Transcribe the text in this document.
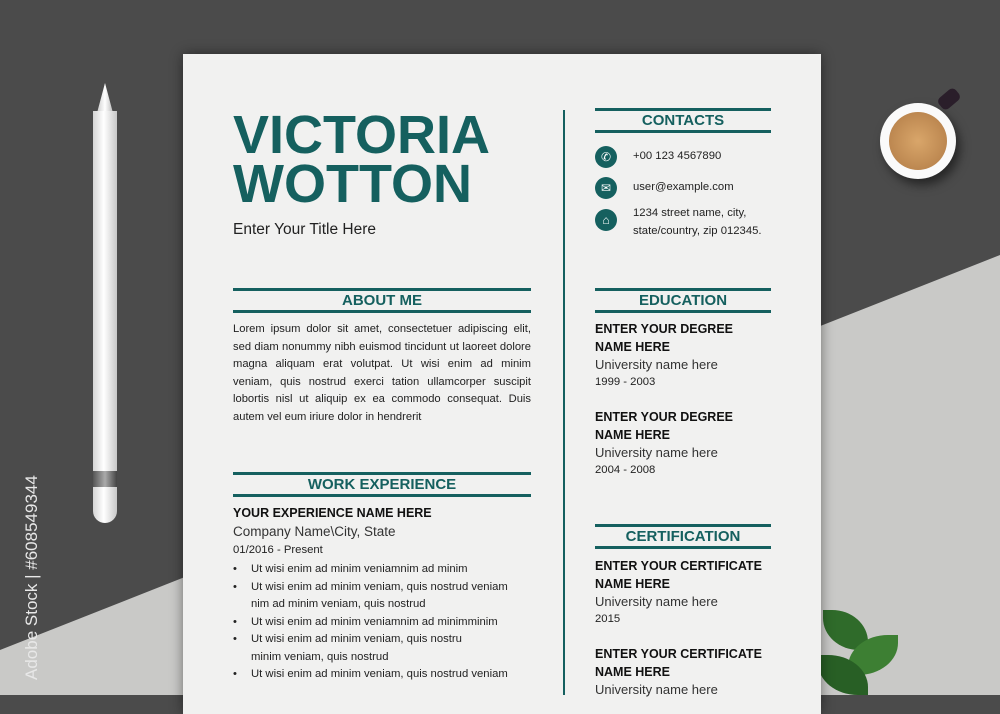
Adobe Stock | #608549344
VICTORIA
WOTTON
Enter Your Title Here
ABOUT ME
Lorem ipsum dolor sit amet, consectetuer adipiscing elit, sed diam nonummy nibh euismod tincidunt ut laoreet dolore magna aliquam erat volutpat. Ut wisi enim ad minim veniam, quis nostrud exerci tation ullamcorper suscipit lobortis nisl ut aliquip ex ea commodo consequat. Duis autem vel eum iriure dolor in hendrerit
WORK EXPERIENCE
YOUR EXPERIENCE NAME HERE
Company Name\City, State
01/2016 - Present
• Ut wisi enim ad minim veniamnim ad minim
• Ut wisi enim ad minim veniam, quis nostrud veniam
nim ad minim veniam, quis nostrud
• Ut wisi enim ad minim veniamnim ad minimminim
• Ut wisi enim ad minim veniam, quis nostru
minim veniam, quis nostrud
• Ut wisi enim ad minim veniam, quis nostrud veniam
CONTACTS
✆	+00 123 4567890
✉	user@example.com
⌂	1234 street name, city,
state/country, zip 012345.
EDUCATION
ENTER YOUR DEGREE
NAME HERE
University name here
1999 - 2003
ENTER YOUR DEGREE
NAME HERE
University name here
2004 - 2008
CERTIFICATION
ENTER YOUR CERTIFICATE
NAME HERE
University name here
2015
ENTER YOUR CERTIFICATE
NAME HERE
University name here
